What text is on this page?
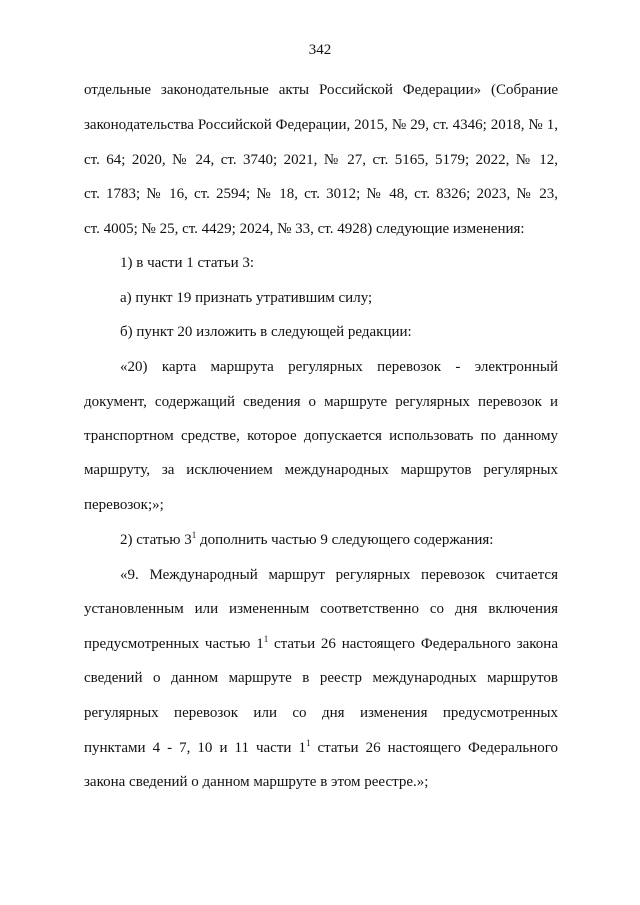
342
отдельные законодательные акты Российской Федерации» (Собрание
законодательства Российской Федерации, 2015, № 29, ст. 4346; 2018, № 1,
ст. 64; 2020, № 24, ст. 3740; 2021, № 27, ст. 5165, 5179; 2022, № 12,
ст. 1783; № 16, ст. 2594; № 18, ст. 3012; № 48, ст. 8326; 2023, № 23,
ст. 4005; № 25, ст. 4429; 2024, № 33, ст. 4928) следующие изменения:
1) в части 1 статьи 3:
а) пункт 19 признать утратившим силу;
б) пункт 20 изложить в следующей редакции:
«20) карта маршрута регулярных перевозок - электронный
документ, содержащий сведения о маршруте регулярных перевозок и
транспортном средстве, которое допускается использовать по данному
маршруту, за исключением международных маршрутов регулярных
перевозок;»;
2) статью $3^1$ дополнить частью 9 следующего содержания:
«9. Международный маршрут регулярных перевозок считается
установленным или измененным соответственно со дня включения
предусмотренных частью $1^1$ статьи 26 настоящего Федерального закона
сведений о данном маршруте в реестр международных маршрутов
регулярных перевозок или со дня изменения предусмотренных
пунктами 4 - 7, 10 и 11 части $1^1$ статьи 26 настоящего Федерального
закона сведений о данном маршруте в этом реестре.»;
